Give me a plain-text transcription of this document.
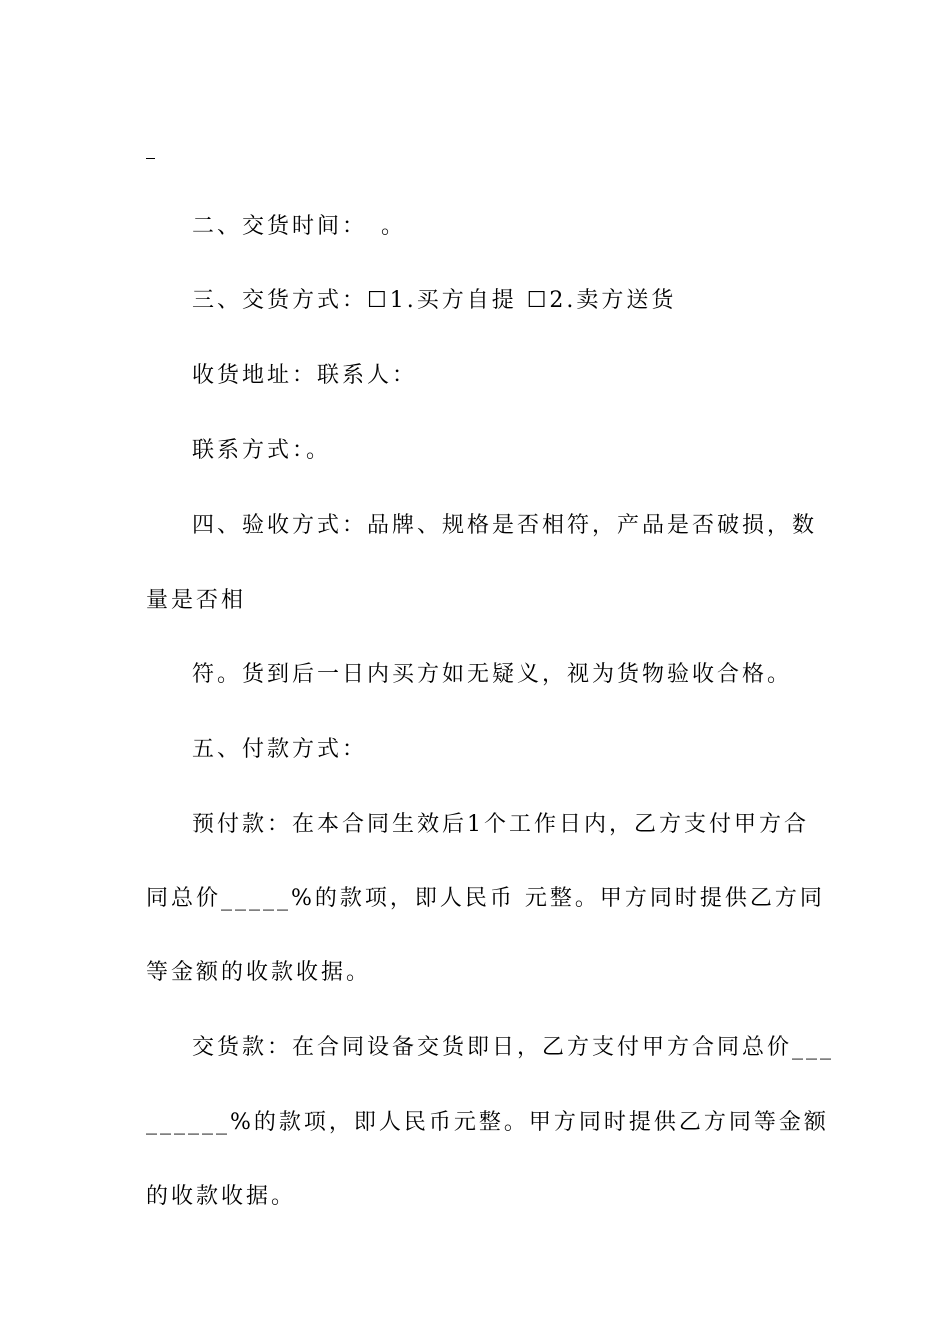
二、交货时间：　。

三、交货方式：☐1.买方自提 ☐2.卖方送货

收货地址：联系人：

联系方式：。

四、验收方式：品牌、规格是否相符，产品是否破损，数

量是否相

符。货到后一日内买方如无疑义，视为货物验收合格。

五、付款方式：

预付款：在本合同生效后1个工作日内，乙方支付甲方合

同总价_____%的款项，即人民币 元整。甲方同时提供乙方同

等金额的收款收据。

交货款：在合同设备交货即日，乙方支付甲方合同总价___

______%的款项，即人民币元整。甲方同时提供乙方同等金额

的收款收据。
